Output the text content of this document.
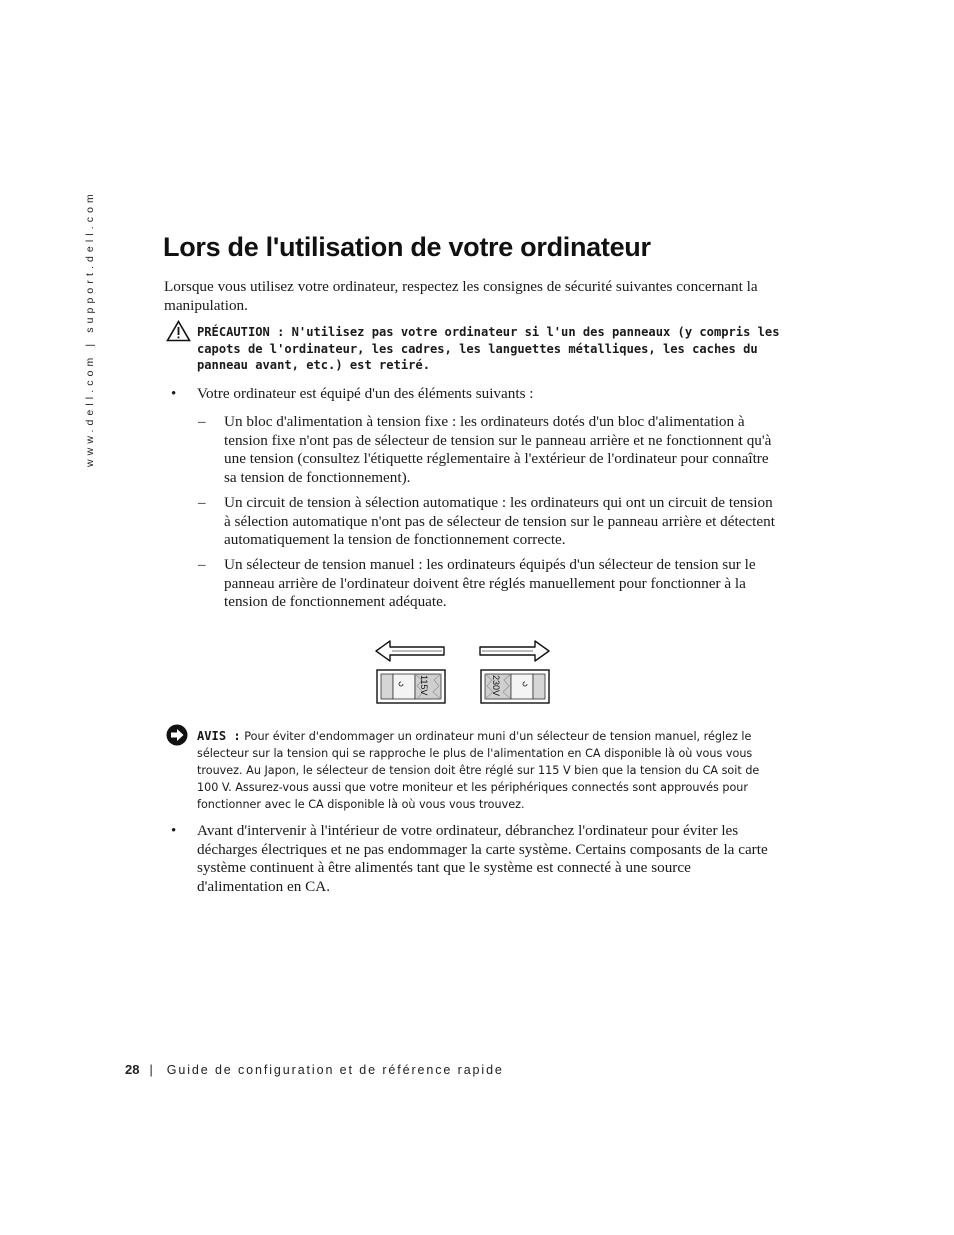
www.dell.com | support.dell.com Lors de l'utilisation de votre ordinateur

Lorsque vous utilisez votre ordinateur, respectez les consignes de sécurité suivantes concernant la manipulation.

PRÉCAUTION : N'utilisez pas votre ordinateur si l'un des panneaux (y compris les capots de l'ordinateur, les cadres, les languettes métalliques, les caches du panneau avant, etc.) est retiré.

• Votre ordinateur est équipé d'un des éléments suivants :

– Un bloc d'alimentation à tension fixe : les ordinateurs dotés d'un bloc d'alimentation à tension fixe n'ont pas de sélecteur de tension sur le panneau arrière et ne fonctionnent qu'à une tension (consultez l'étiquette réglementaire à l'extérieur de l'ordinateur pour connaître sa tension de fonctionnement).

– Un circuit de tension à sélection automatique : les ordinateurs qui ont un circuit de tension à sélection automatique n'ont pas de sélecteur de tension sur le panneau arrière et détectent automatiquement la tension de fonctionnement correcte.

– Un sélecteur de tension manuel : les ordinateurs équipés d'un sélecteur de tension sur le panneau arrière de l'ordinateur doivent être réglés manuellement pour fonctionner à la tension de fonctionnement adéquate.

115V	230V

AVIS : Pour éviter d'endommager un ordinateur muni d'un sélecteur de tension manuel, réglez le sélecteur sur la tension qui se rapproche le plus de l'alimentation en CA disponible là où vous vous trouvez. Au Japon, le sélecteur de tension doit être réglé sur 115 V bien que la tension du CA soit de 100 V. Assurez-vous aussi que votre moniteur et les périphériques connectés sont approuvés pour fonctionner avec le CA disponible là où vous vous trouvez.

• Avant d'intervenir à l'intérieur de votre ordinateur, débranchez l'ordinateur pour éviter les décharges électriques et ne pas endommager la carte système. Certains composants de la carte système continuent à être alimentés tant que le système est connecté à une source d'alimentation en CA.

28 | Guide de configuration et de référence rapide
